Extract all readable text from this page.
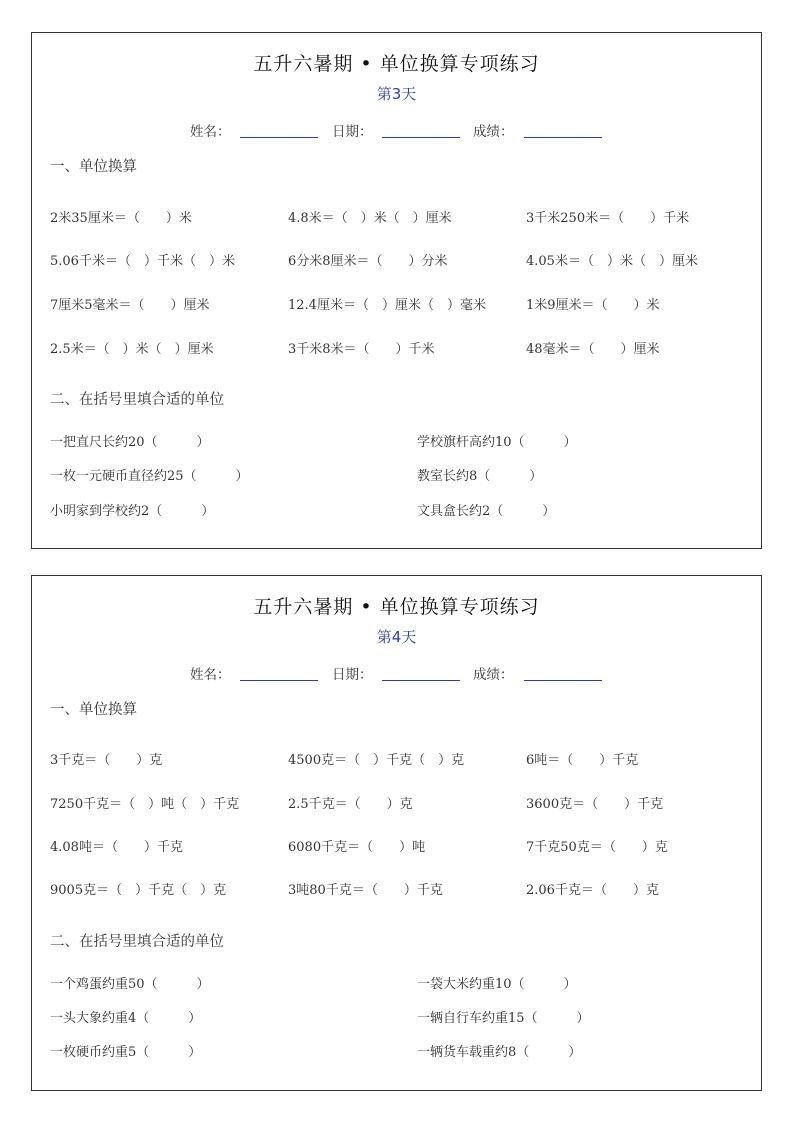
五升六暑期 • 单位换算专项练习
第3天
姓名：	日期：	成绩：
一、单位换算
2米35厘米＝（　　）米	4.8米＝（　）米（　）厘米	3千米250米＝（　　）千米
5.06千米＝（　）千米（　）米	6分米8厘米＝（　　）分米	4.05米＝（　）米（　）厘米
7厘米5毫米＝（　　）厘米	12.4厘米＝（　）厘米（　）毫米	1米9厘米＝（　　）米
2.5米＝（　）米（　）厘米	3千米8米＝（　　）千米	48毫米＝（　　）厘米
二、在括号里填合适的单位
一把直尺长约20（　　　）	学校旗杆高约10（　　　）
一枚一元硬币直径约25（　　　）	教室长约8（　　　）
小明家到学校约2（　　　）	文具盒长约2（　　　）
五升六暑期 • 单位换算专项练习
第4天
姓名：	日期：	成绩：
一、单位换算
3千克＝（　　）克	4500克＝（　）千克（　）克	6吨＝（　　）千克
7250千克＝（　）吨（　）千克	2.5千克＝（　　）克	3600克＝（　　）千克
4.08吨＝（　　）千克	6080千克＝（　　）吨	7千克50克＝（　　）克
9005克＝（　）千克（　）克	3吨80千克＝（　　）千克	2.06千克＝（　　）克
二、在括号里填合适的单位
一个鸡蛋约重50（　　　）	一袋大米约重10（　　　）
一头大象约重4（　　　）	一辆自行车约重15（　　　）
一枚硬币约重5（　　　）	一辆货车载重约8（　　　）
